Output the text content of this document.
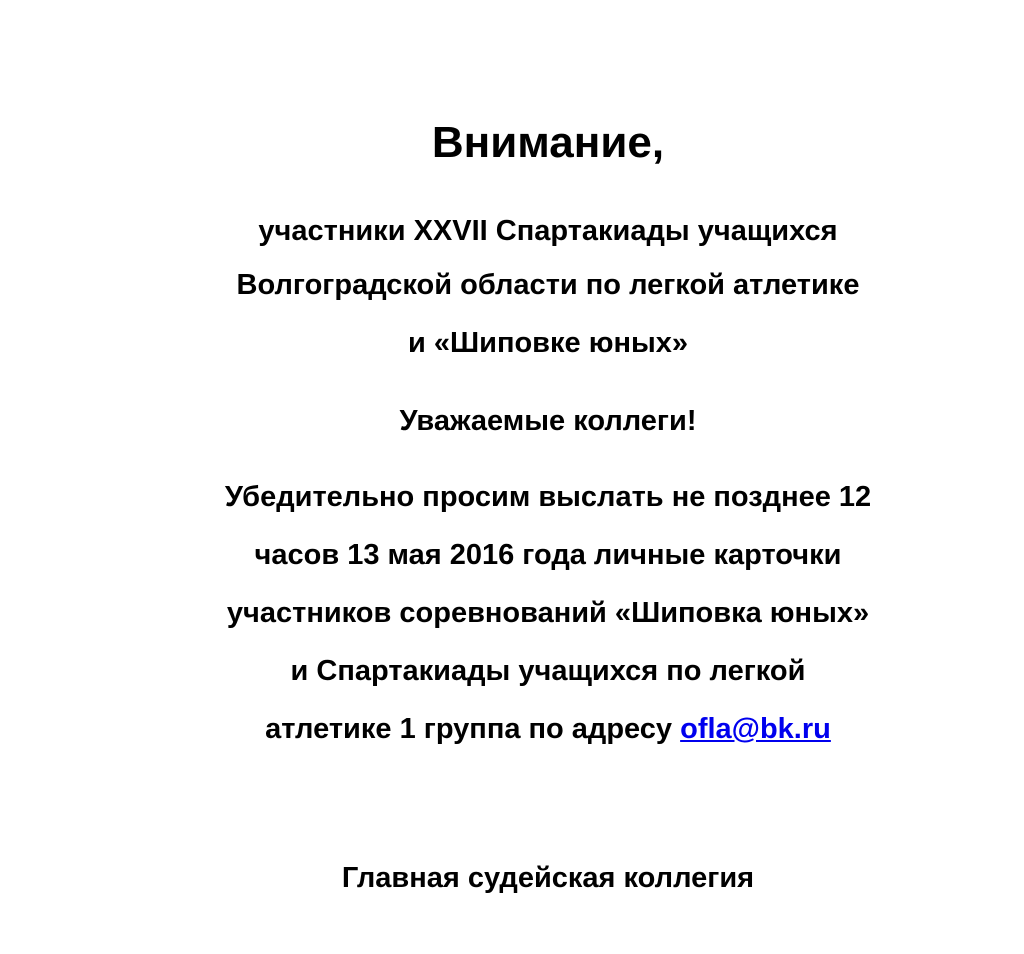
Внимание,
участники XXVII Спартакиады учащихся
Волгоградской области по легкой атлетике
и «Шиповке юных»
Уважаемые коллеги!
Убедительно просим выслать не позднее 12
часов 13 мая 2016 года личные карточки
участников соревнований «Шиповка юных»
и Спартакиады учащихся по легкой
атлетике 1 группа по адресу ofla@bk.ru
Главная судейская коллегия
